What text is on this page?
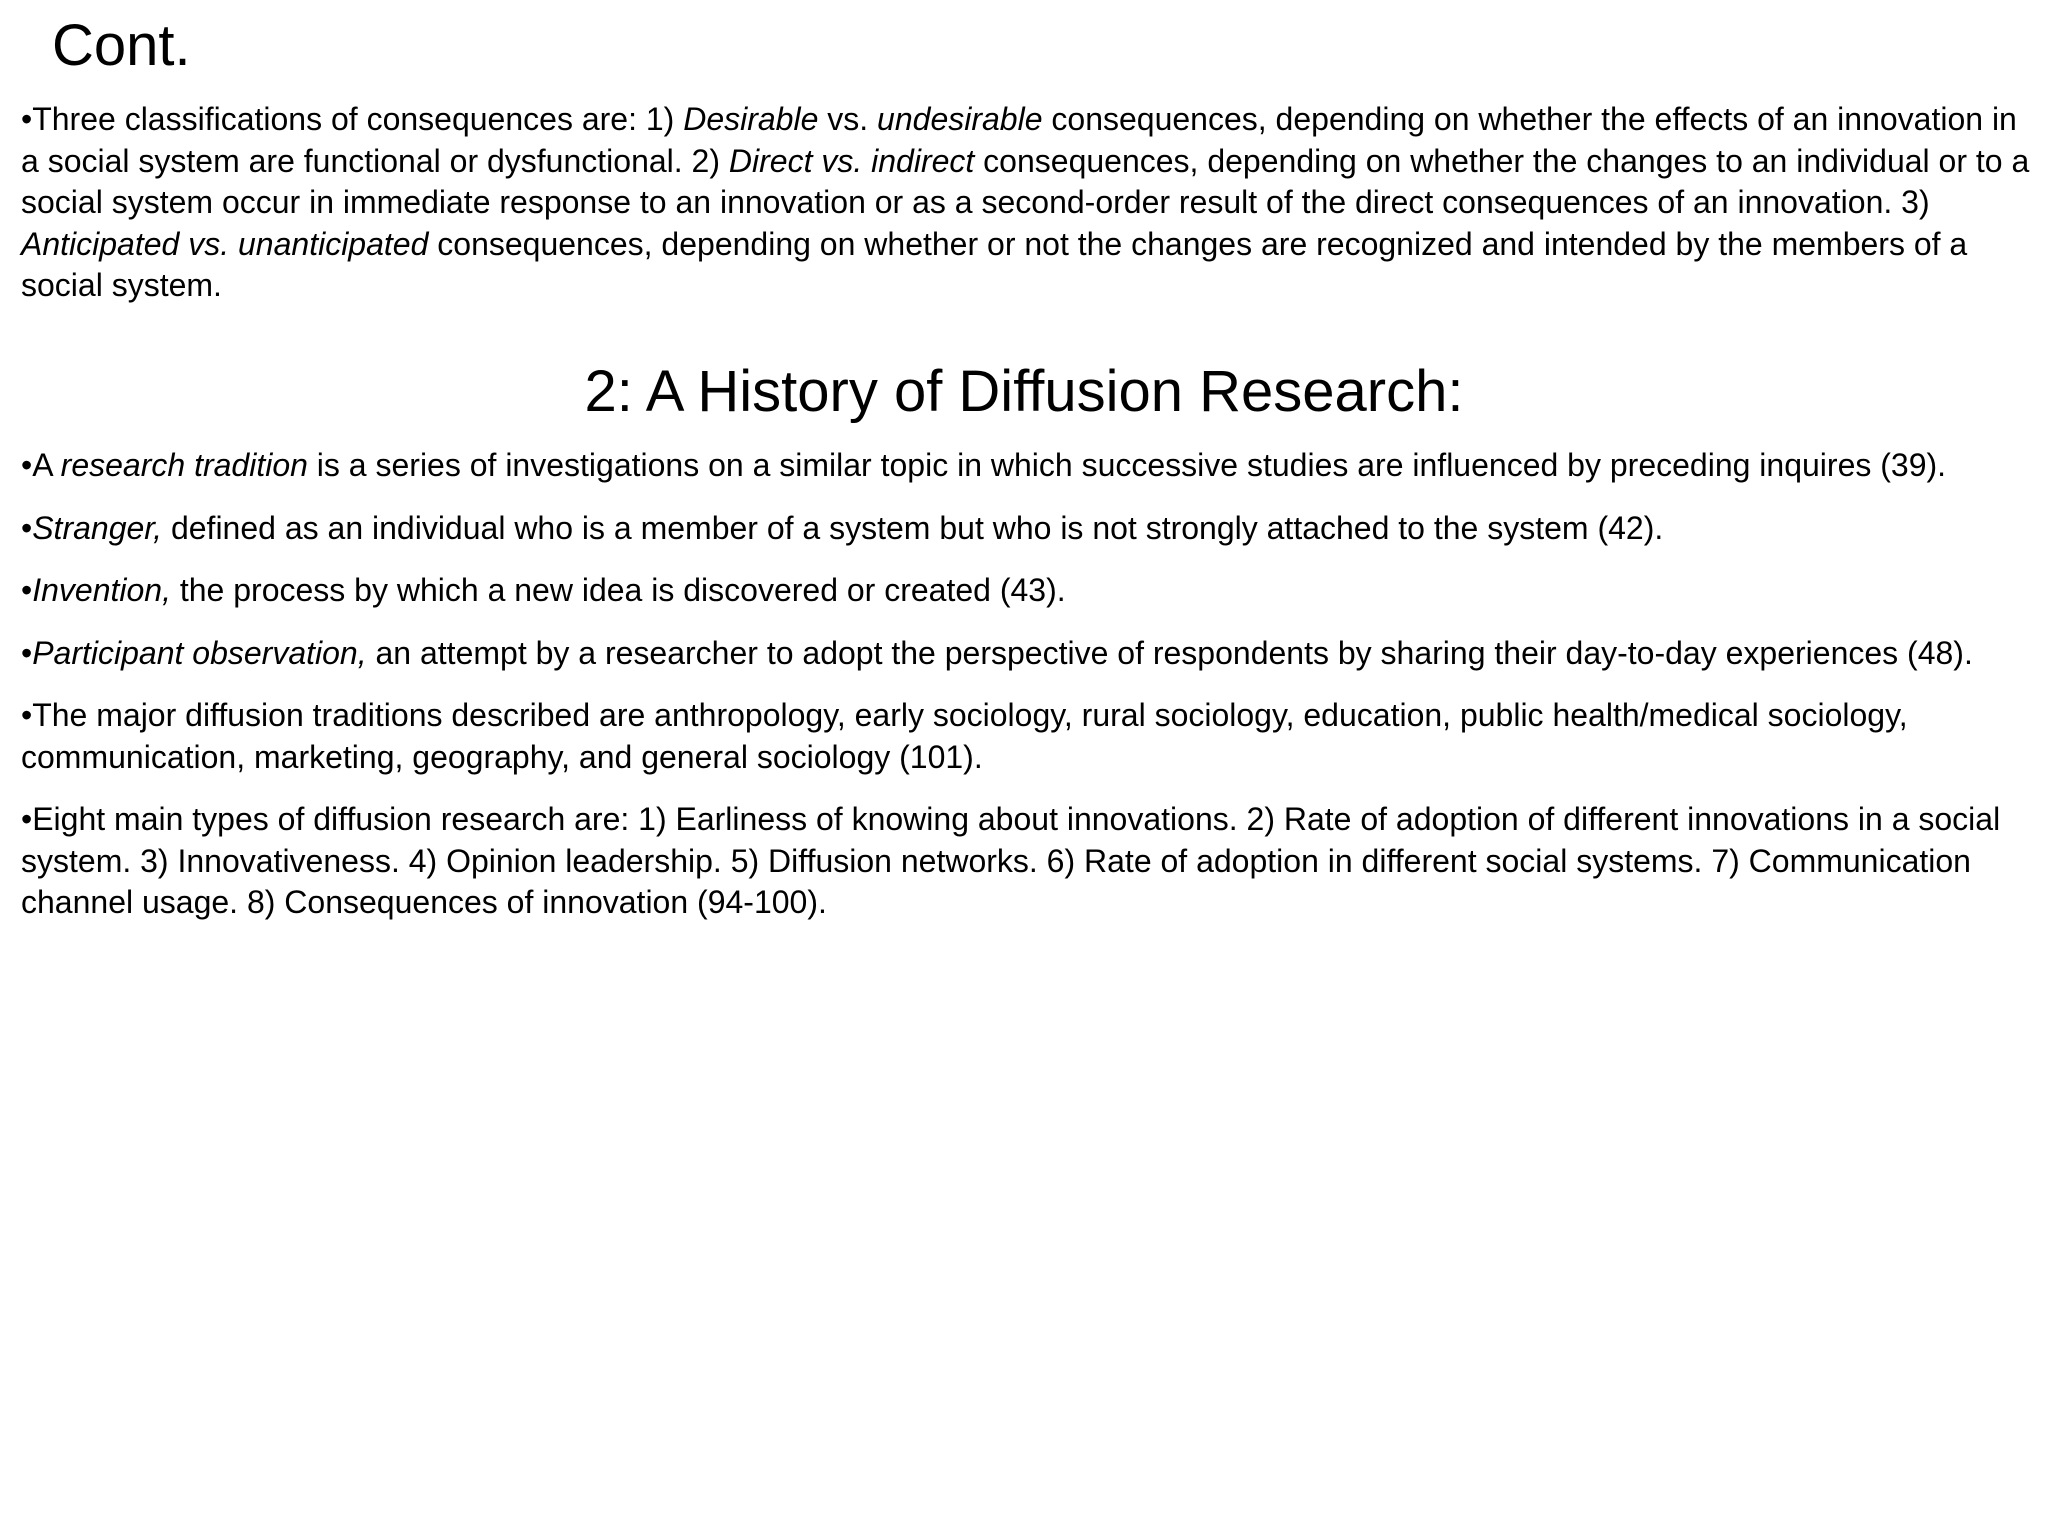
Cont.

•Three classifications of consequences are: 1) Desirable vs. undesirable consequences, depending on whether the effects of an innovation in a social system are functional or dysfunctional. 2) Direct vs. indirect consequences, depending on whether the changes to an individual or to a social system occur in immediate response to an innovation or as a second-order result of the direct consequences of an innovation. 3) Anticipated vs. unanticipated consequences, depending on whether or not the changes are recognized and intended by the members of a social system.

2: A History of Diffusion Research:

•A research tradition is a series of investigations on a similar topic in which successive studies are influenced by preceding inquires (39).

•Stranger, defined as an individual who is a member of a system but who is not strongly attached to the system (42).

•Invention, the process by which a new idea is discovered or created (43).

•Participant observation, an attempt by a researcher to adopt the perspective of respondents by sharing their day-to-day experiences (48).

•The major diffusion traditions described are anthropology, early sociology, rural sociology, education, public health/medical sociology, communication, marketing, geography, and general sociology (101).

•Eight main types of diffusion research are: 1) Earliness of knowing about innovations. 2) Rate of adoption of different innovations in a social system. 3) Innovativeness. 4) Opinion leadership. 5) Diffusion networks. 6) Rate of adoption in different social systems. 7) Communication channel usage. 8) Consequences of innovation (94-100).
